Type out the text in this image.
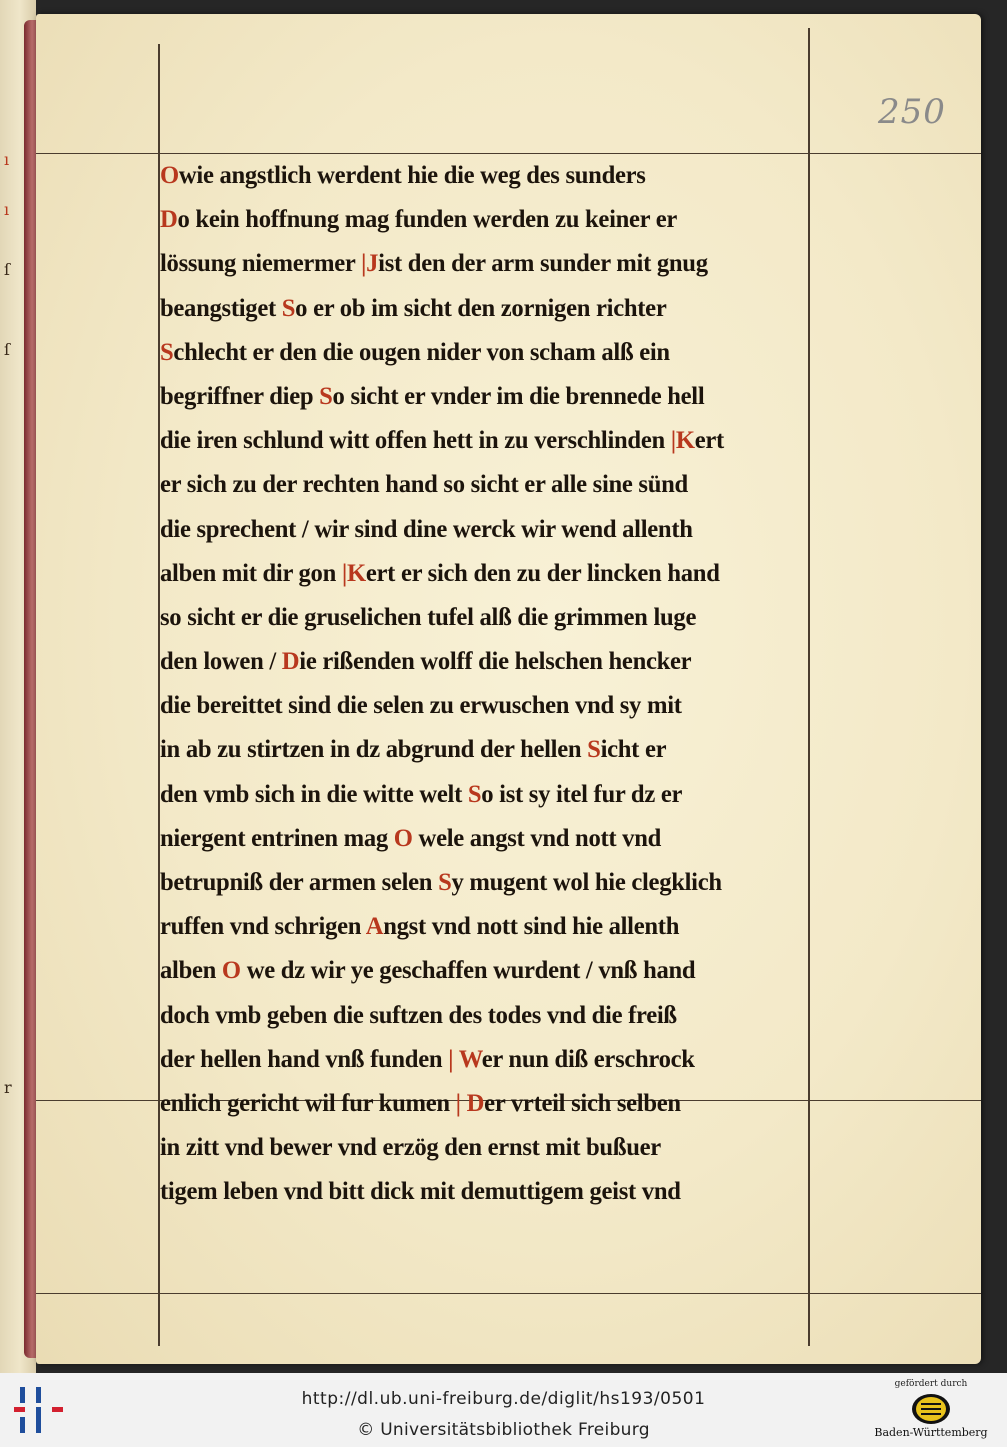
ı
ı
ſ
ſ
r
250
Owie angstlich werdent hie die weg des sunders
Do kein hoffnung mag funden werden zu keiner er
lössung niemermer |Jist den der arm sunder mit gnug
beangstiget So er ob im sicht den zornigen richter
Schlecht er den die ougen nider von scham alß ein
begriffner diep So sicht er vnder im die brennede hell
die iren schlund witt offen hett in zu verschlinden |Kert
er sich zu der rechten hand so sicht er alle sine sünd
die sprechent / wir sind dine werck wir wend allenth
alben mit dir gon |Kert er sich den zu der lincken hand
so sicht er die gruselichen tufel alß die grimmen luge
den lowen / Die rißenden wolff die helschen hencker
die bereittet sind die selen zu erwuschen vnd sy mit
in ab zu stirtzen in dz abgrund der hellen Sicht er
den vmb sich in die witte welt So ist sy itel fur dz er
niergent entrinen mag O wele angst vnd nott vnd
betrupniß der armen selen Sy mugent wol hie clegklich
ruffen vnd schrigen Angst vnd nott sind hie allenth
alben O we dz wir ye geschaffen wurdent / vnß hand
doch vmb geben die suftzen des todes vnd die freiß
der hellen hand vnß funden | Wer nun diß erschrock
enlich gericht wil fur kumen | Der vrteil sich selben
in zitt vnd bewer vnd erzög den ernst mit bußuer
tigem leben vnd bitt dick mit demuttigem geist vnd
http://dl.ub.uni-freiburg.de/diglit/hs193/0501
© Universitätsbibliothek Freiburg
gefördert durch
Baden-Württemberg
